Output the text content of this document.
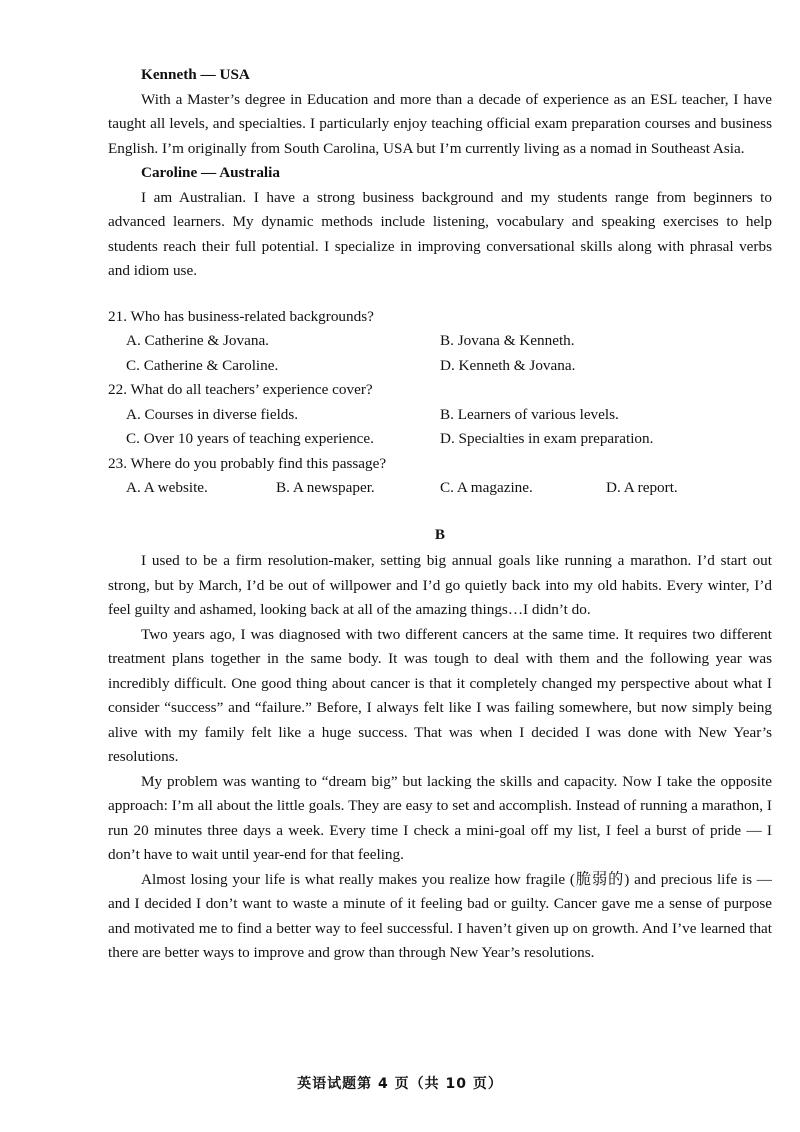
Kenneth — USA

With a Master’s degree in Education and more than a decade of experience as an ESL teacher, I have taught all levels, and specialties. I particularly enjoy teaching official exam preparation courses and business English. I’m originally from South Carolina, USA but I’m currently living as a nomad in Southeast Asia.

Caroline — Australia

I am Australian. I have a strong business background and my students range from beginners to advanced learners. My dynamic methods include listening, vocabulary and speaking exercises to help students reach their full potential. I specialize in improving conversational skills along with phrasal verbs and idiom use.

21. Who has business-related backgrounds?

A. Catherine & Jovana.	B. Jovana & Kenneth.
C. Catherine & Caroline.	D. Kenneth & Jovana.

22. What do all teachers’ experience cover?

A. Courses in diverse fields.	B. Learners of various levels.
C. Over 10 years of teaching experience.	D. Specialties in exam preparation.

23. Where do you probably find this passage?

A. A website.	B. A newspaper.	C. A magazine.	D. A report.

B

I used to be a firm resolution-maker, setting big annual goals like running a marathon. I’d start out strong, but by March, I’d be out of willpower and I’d go quietly back into my old habits. Every winter, I’d feel guilty and ashamed, looking back at all of the amazing things…I didn’t do.

Two years ago, I was diagnosed with two different cancers at the same time. It requires two different treatment plans together in the same body. It was tough to deal with them and the following year was incredibly difficult. One good thing about cancer is that it completely changed my perspective about what I consider “success” and “failure.” Before, I always felt like I was failing somewhere, but now simply being alive with my family felt like a huge success. That was when I decided I was done with New Year’s resolutions.

My problem was wanting to “dream big” but lacking the skills and capacity. Now I take the opposite approach: I’m all about the little goals. They are easy to set and accomplish. Instead of running a marathon, I run 20 minutes three days a week. Every time I check a mini-goal off my list, I feel a burst of pride — I don’t have to wait until year-end for that feeling.

Almost losing your life is what really makes you realize how fragile (脆弱的) and precious life is — and I decided I don’t want to waste a minute of it feeling bad or guilty. Cancer gave me a sense of purpose and motivated me to find a better way to feel successful. I haven’t given up on growth. And I’ve learned that there are better ways to improve and grow than through New Year’s resolutions.

英语试题第 4 页（共 10 页）
